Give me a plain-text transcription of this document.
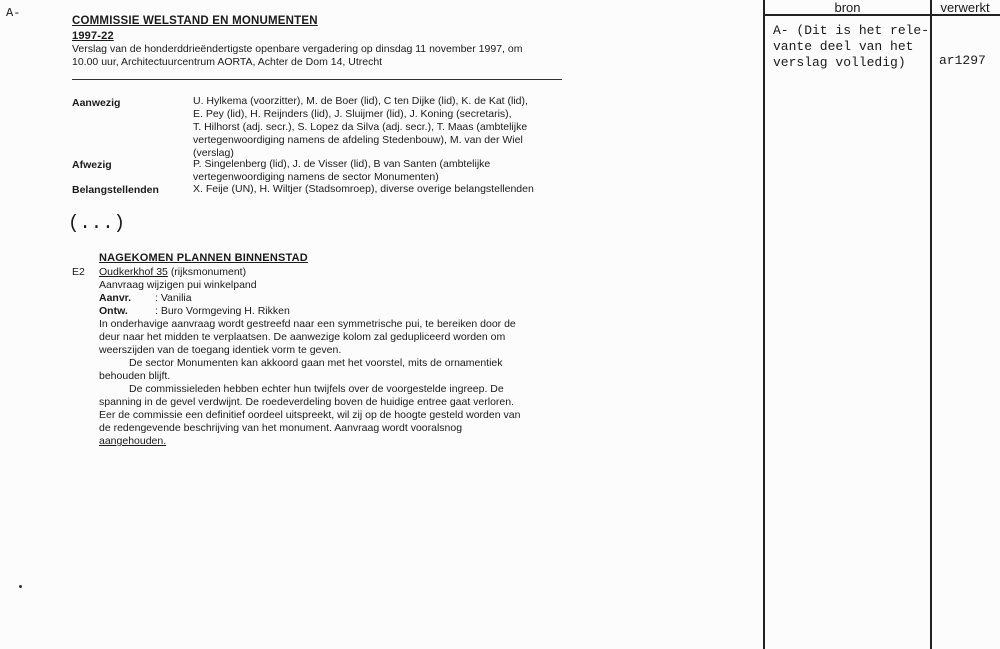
A-
COMMISSIE WELSTAND EN MONUMENTEN
1997-22
Verslag van de honderddrieëndertigste openbare vergadering op dinsdag 11 november 1997, om
10.00 uur, Architectuurcentrum AORTA, Achter de Dom 14, Utrecht
Aanwezig	U. Hylkema (voorzitter), M. de Boer (lid), C ten Dijke (lid), K. de Kat (lid),
E. Pey (lid), H. Reijnders (lid), J. Sluijmer (lid), J. Koning (secretaris),
T. Hilhorst (adj. secr.), S. Lopez da Silva (adj. secr.), T. Maas (ambtelijke
vertegenwoordiging namens de afdeling Stedenbouw), M. van der Wiel
(verslag)
Afwezig	P. Singelenberg (lid), J. de Visser (lid), B van Santen (ambtelijke
vertegenwoordiging namens de sector Monumenten)
Belangstellenden	X. Feije (UN), H. Wiltjer (Stadsomroep), diverse overige belangstellenden
(...)
NAGEKOMEN PLANNEN BINNENSTAD
E2 Oudkerkhof 35 (rijksmonument)
Aanvraag wijzigen pui winkelpand
Aanvr. : Vanilia
Ontw.	: Buro Vormgeving H. Rikken
In onderhavige aanvraag wordt gestreefd naar een symmetrische pui, te bereiken door de
deur naar het midden te verplaatsen. De aanwezige kolom zal gedupliceerd worden om
weerszijden van de toegang identiek vorm te geven.
De sector Monumenten kan akkoord gaan met het voorstel, mits de ornamentiek
behouden blijft.
De commissieleden hebben echter hun twijfels over de voorgestelde ingreep. De
spanning in de gevel verdwijnt. De roedeverdeling boven de huidige entree gaat verloren.
Eer de commissie een definitief oordeel uitspreekt, wil zij op de hoogte gesteld worden van
de redengevende beschrijving van het monument. Aanvraag wordt vooralsnog
aangehouden.
bron	verwerkt
A- (Dit is het rele-
vante deel van het
verslag volledig)	ar1297
